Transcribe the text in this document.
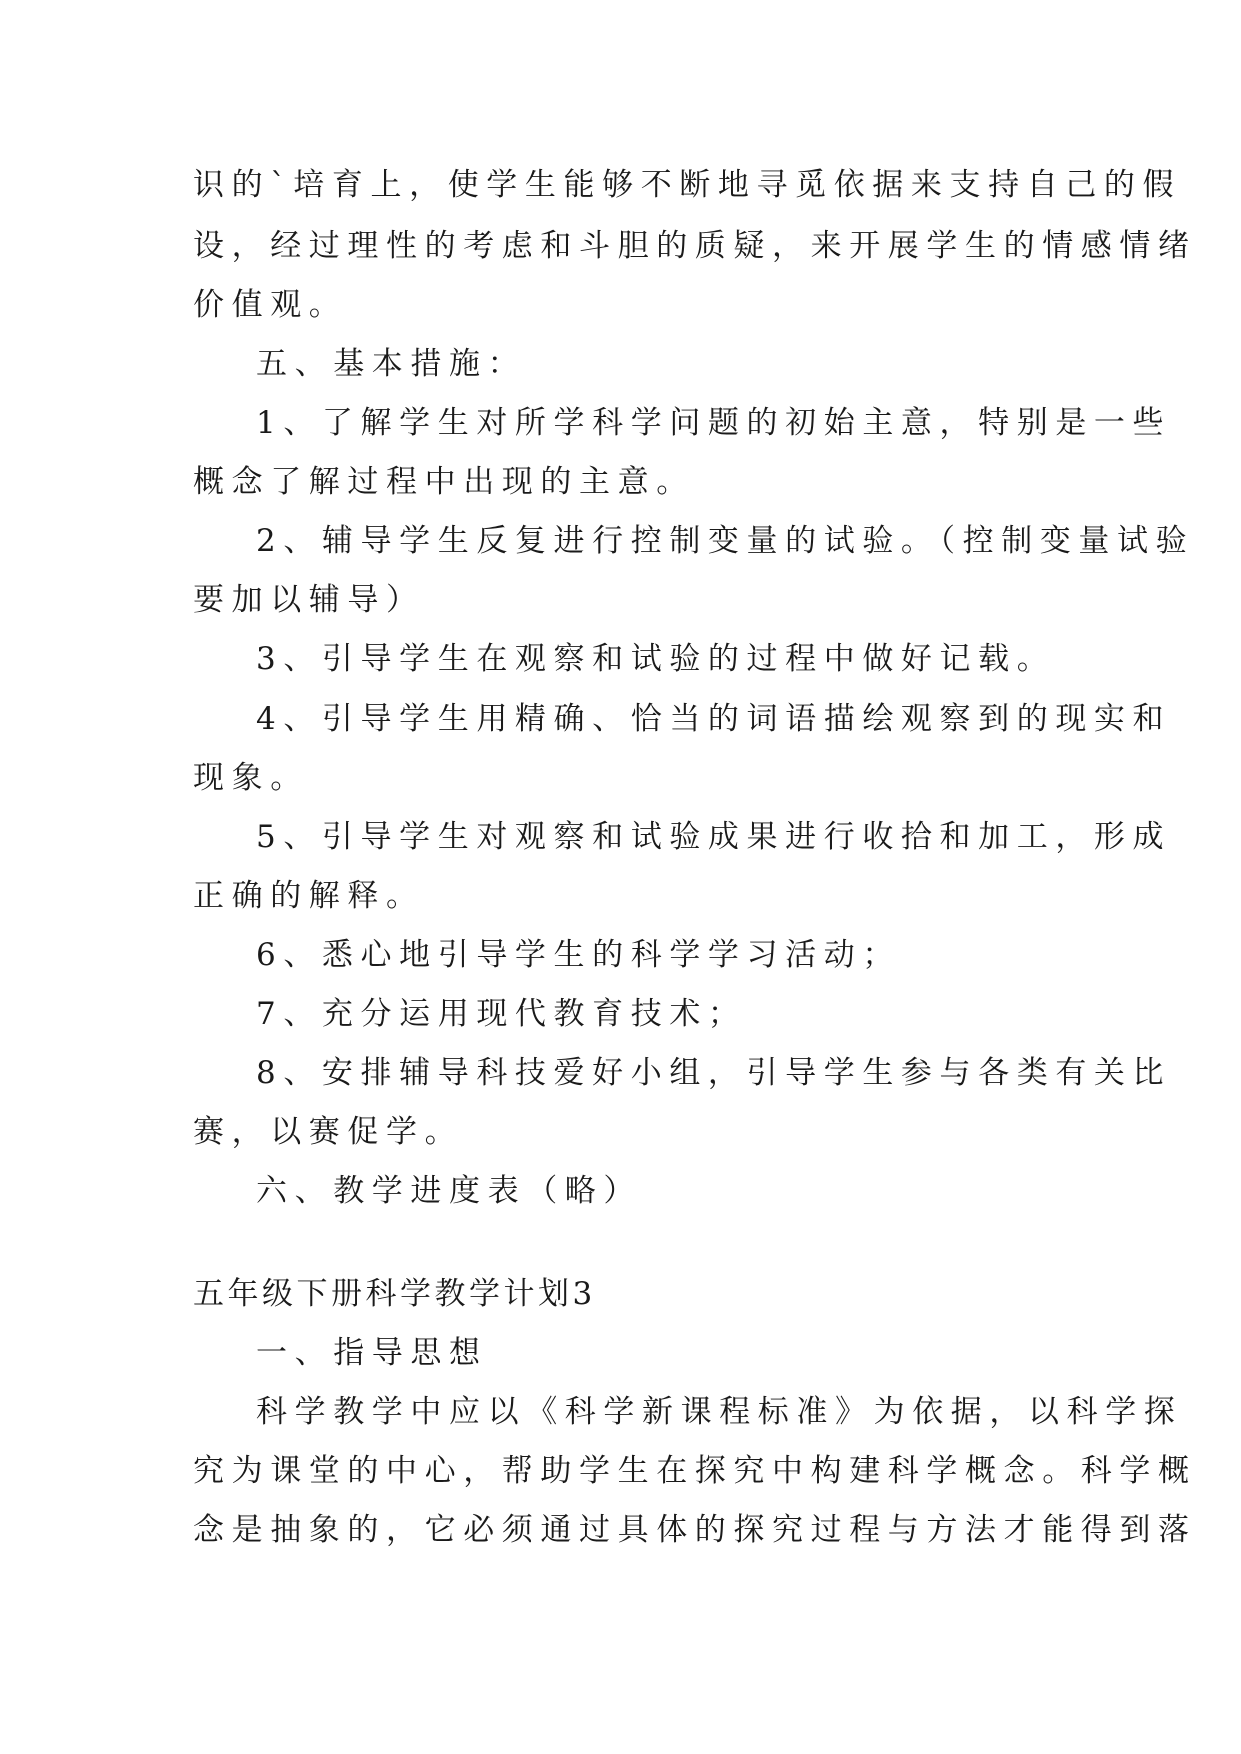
识的`培育上，使学生能够不断地寻觅依据来支持自己的假
设，经过理性的考虑和斗胆的质疑，来开展学生的情感情绪
价值观。
五、基本措施：
1、了解学生对所学科学问题的初始主意，特别是一些
概念了解过程中出现的主意。
2、辅导学生反复进行控制变量的试验。（控制变量试验
要加以辅导）
3、引导学生在观察和试验的过程中做好记载。
4、引导学生用精确、恰当的词语描绘观察到的现实和
现象。
5、引导学生对观察和试验成果进行收拾和加工，形成
正确的解释。
6、悉心地引导学生的科学学习活动；
7、充分运用现代教育技术；
8、安排辅导科技爱好小组，引导学生参与各类有关比
赛，以赛促学。
六、教学进度表（略）
五年级下册科学教学计划3
一、指导思想
科学教学中应以《科学新课程标准》为依据，以科学探
究为课堂的中心，帮助学生在探究中构建科学概念。科学概
念是抽象的，它必须通过具体的探究过程与方法才能得到落
